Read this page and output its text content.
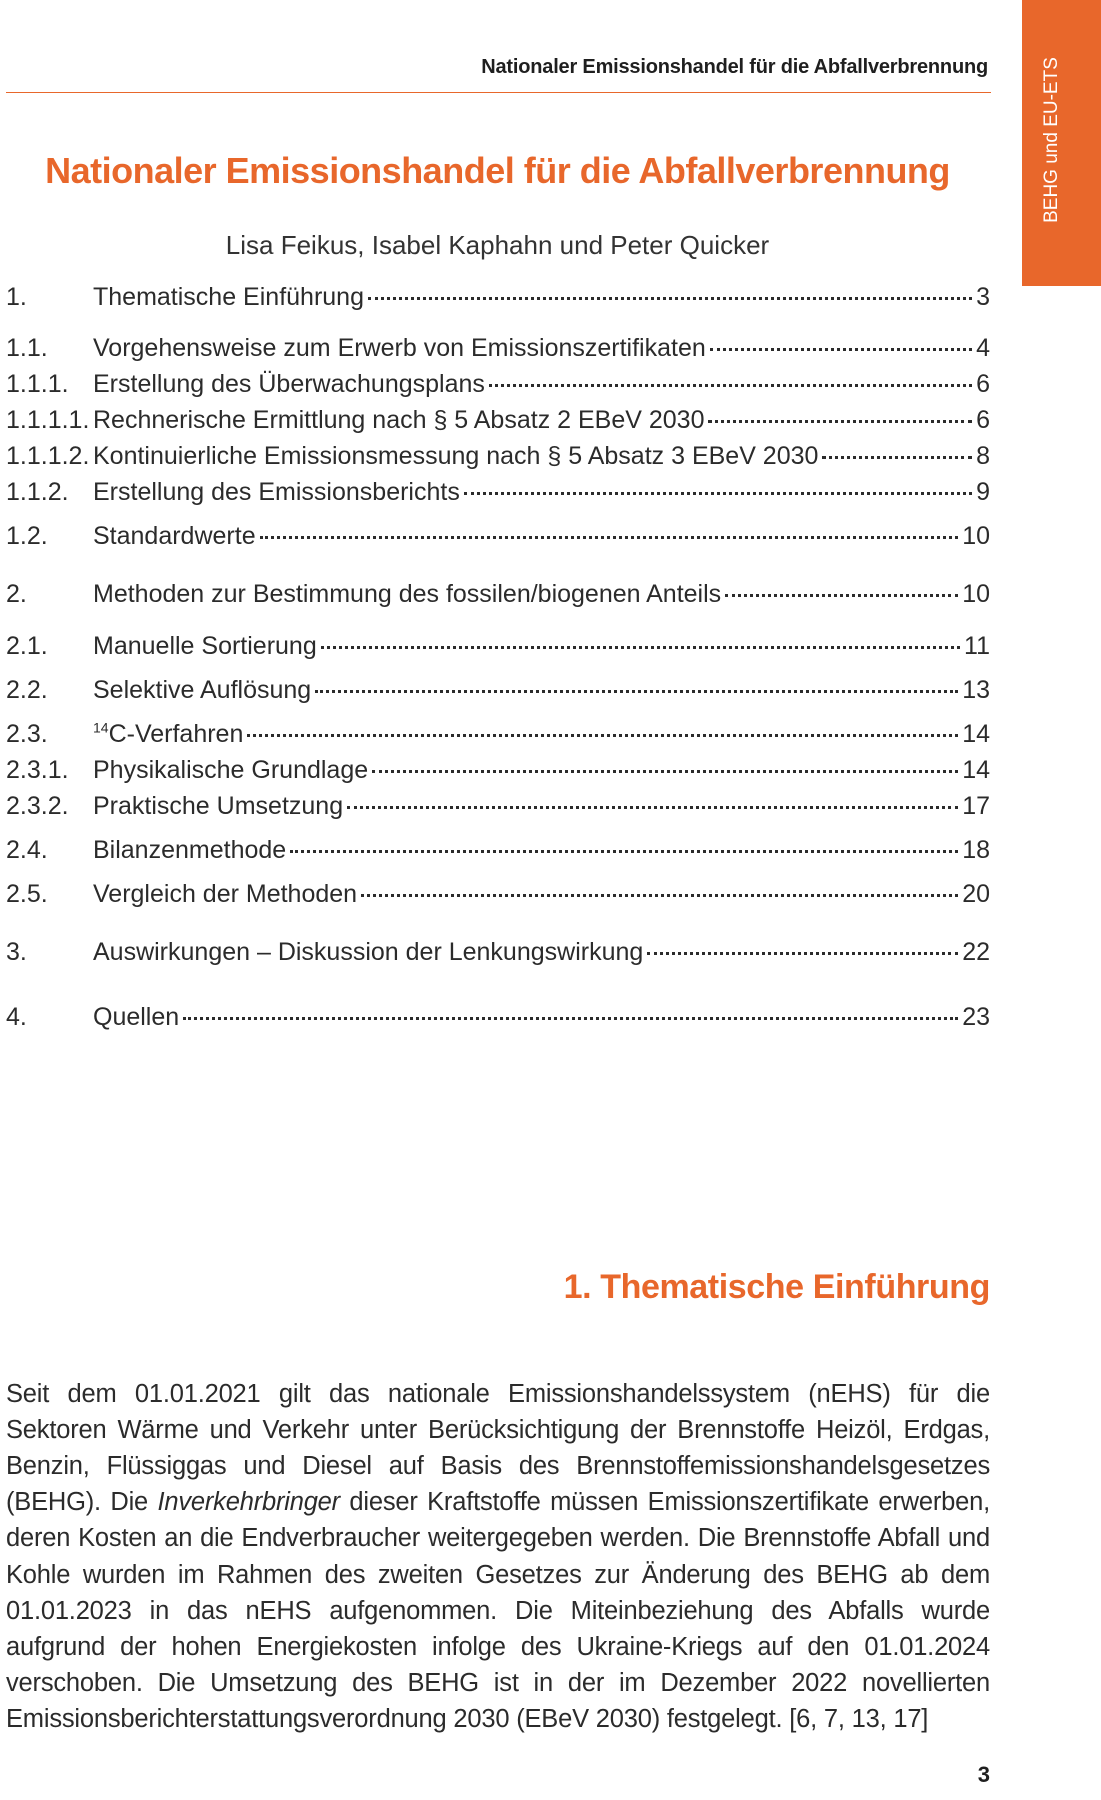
BEHG und EU-ETS
Nationaler Emissionshandel für die Abfallverbrennung
Nationaler Emissionshandel für die Abfallverbrennung
Lisa Feikus, Isabel Kaphahn und Peter Quicker
1.	Thematische Einführung	3
1.1. Vorgehensweise zum Erwerb von Emissionszertifikaten	4
1.1.1. Erstellung des Überwachungsplans	6
1.1.1.1. Rechnerische Ermittlung nach § 5 Absatz 2 EBeV 2030	6
1.1.1.2. Kontinuierliche Emissionsmessung nach § 5 Absatz 3 EBeV 2030	8
1.1.2. Erstellung des Emissionsberichts	9
1.2. Standardwerte	10
2.	Methoden zur Bestimmung des fossilen/biogenen Anteils	10
2.1. Manuelle Sortierung	11
2.2. Selektive Auflösung	13
2.3.	$^{14}$C-Verfahren	14
2.3.1. Physikalische Grundlage	14
2.3.2. Praktische Umsetzung	17
2.4. Bilanzenmethode	18
2.5. Vergleich der Methoden	20
3.	Auswirkungen – Diskussion der Lenkungswirkung	22
4.	Quellen	23
1. Thematische Einführung

Seit dem 01.01.2021 gilt das nationale Emissionshandelssystem (nEHS) für die Sektoren Wärme und Verkehr unter Berücksichtigung der Brennstoffe Heizöl, Erdgas, Benzin, Flüssiggas und Diesel auf Basis des Brennstoffemissionshandelsgesetzes (BEHG). Die Inverkehrbringer dieser Kraftstoffe müssen Emissionszertifikate erwerben, deren Kosten an die Endverbraucher weitergegeben werden. Die Brennstoffe Abfall und Kohle wurden im Rahmen des zweiten Gesetzes zur Änderung des BEHG ab dem 01.01.2023 in das nEHS aufgenommen. Die Miteinbeziehung des Abfalls wurde aufgrund der hohen Energiekosten infolge des Ukraine-Kriegs auf den 01.01.2024 verschoben. Die Umsetzung des BEHG ist in der im Dezember 2022 novellierten Emissionsberichterstattungsverordnung 2030 (EBeV 2030) festgelegt. [6, 7, 13, 17]

3
